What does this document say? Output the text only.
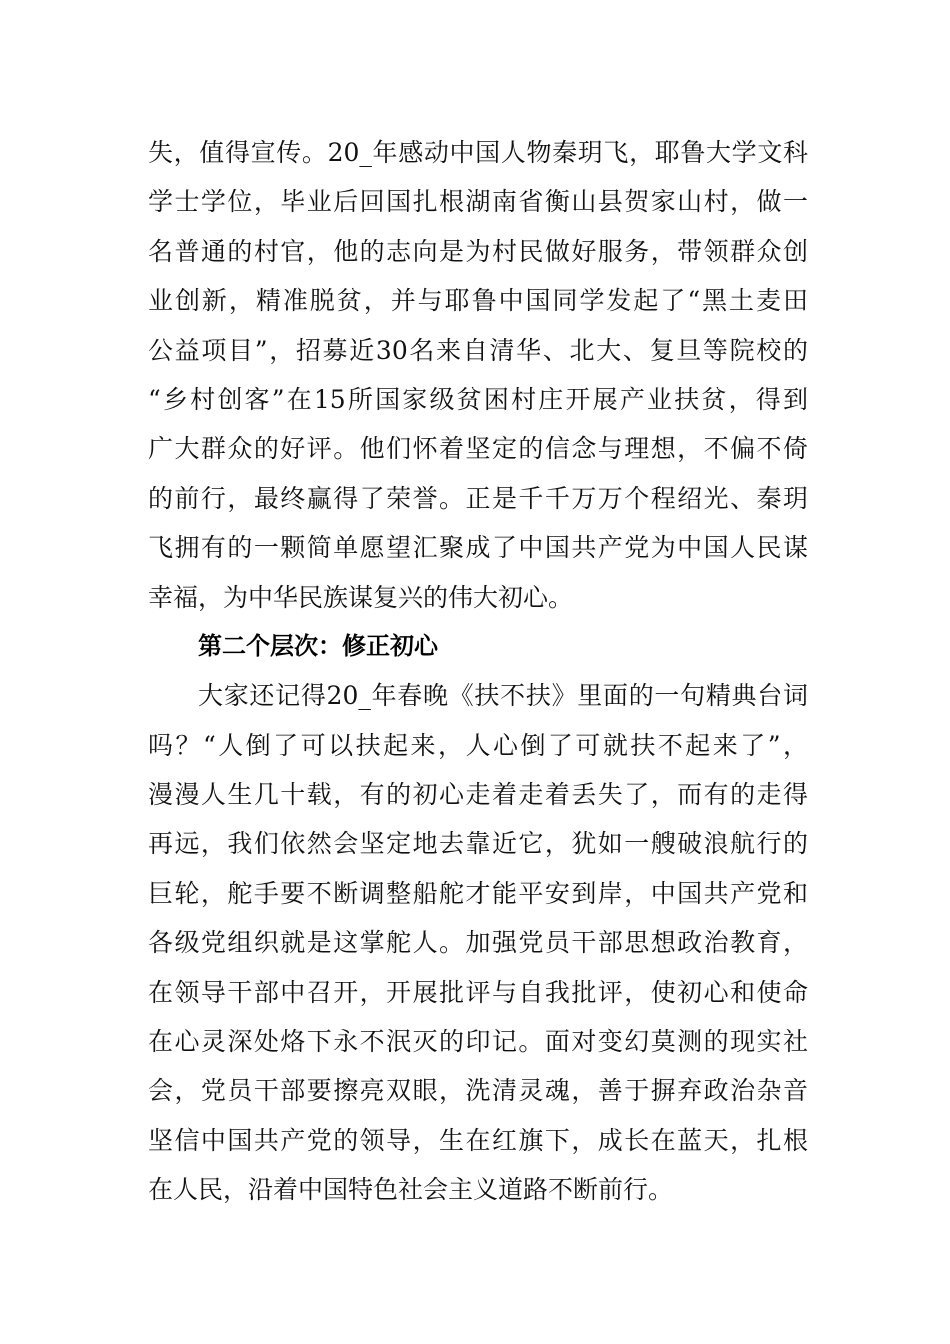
失，值得宣传。20_年感动中国人物秦玥飞，耶鲁大学文科
学士学位，毕业后回国扎根湖南省衡山县贺家山村，做一
名普通的村官，他的志向是为村民做好服务，带领群众创
业创新，精准脱贫，并与耶鲁中国同学发起了“黑土麦田
公益项目”，招募近30名来自清华、北大、复旦等院校的
“乡村创客”在15所国家级贫困村庄开展产业扶贫，得到
广大群众的好评。他们怀着坚定的信念与理想，不偏不倚
的前行，最终赢得了荣誉。正是千千万万个程绍光、秦玥
飞拥有的一颗简单愿望汇聚成了中国共产党为中国人民谋
幸福，为中华民族谋复兴的伟大初心。
第二个层次：修正初心
大家还记得20_年春晚《扶不扶》里面的一句精典台词
吗？“人倒了可以扶起来，人心倒了可就扶不起来了”，
漫漫人生几十载，有的初心走着走着丢失了，而有的走得
再远，我们依然会坚定地去靠近它，犹如一艘破浪航行的
巨轮，舵手要不断调整船舵才能平安到岸，中国共产党和
各级党组织就是这掌舵人。加强党员干部思想政治教育，
在领导干部中召开，开展批评与自我批评，使初心和使命
在心灵深处烙下永不泯灭的印记。面对变幻莫测的现实社
会，党员干部要擦亮双眼，洗清灵魂，善于摒弃政治杂音
坚信中国共产党的领导，生在红旗下，成长在蓝天，扎根
在人民，沿着中国特色社会主义道路不断前行。
